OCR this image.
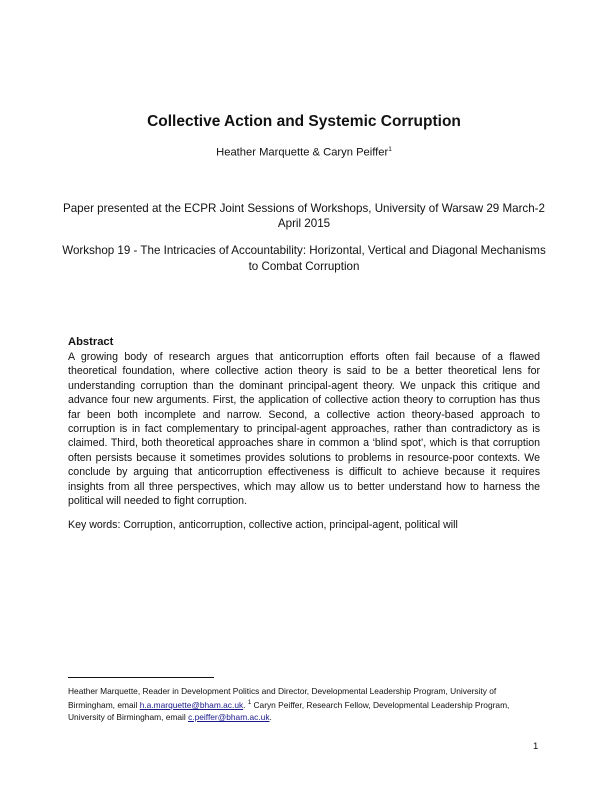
Collective Action and Systemic Corruption
Heather Marquette & Caryn Peiffer$^1$
Paper presented at the ECPR Joint Sessions of Workshops, University of Warsaw 29 March-2 April 2015
Workshop 19 - The Intricacies of Accountability: Horizontal, Vertical and Diagonal Mechanisms to Combat Corruption
Abstract
A growing body of research argues that anticorruption efforts often fail because of a flawed theoretical foundation, where collective action theory is said to be a better theoretical lens for understanding corruption than the dominant principal-agent theory. We unpack this critique and advance four new arguments. First, the application of collective action theory to corruption has thus far been both incomplete and narrow. Second, a collective action theory-based approach to corruption is in fact complementary to principal-agent approaches, rather than contradictory as is claimed. Third, both theoretical approaches share in common a ‘blind spot’, which is that corruption often persists because it sometimes provides solutions to problems in resource-poor contexts. We conclude by arguing that anticorruption effectiveness is difficult to achieve because it requires insights from all three perspectives, which may allow us to better understand how to harness the political will needed to fight corruption.
Key words: Corruption, anticorruption, collective action, principal-agent, political will
Heather Marquette, Reader in Development Politics and Director, Developmental Leadership Program, University of Birmingham, email h.a.marquette@bham.ac.uk. $^1$ Caryn Peiffer, Research Fellow, Developmental Leadership Program, University of Birmingham, email c.peiffer@bham.ac.uk.
1
